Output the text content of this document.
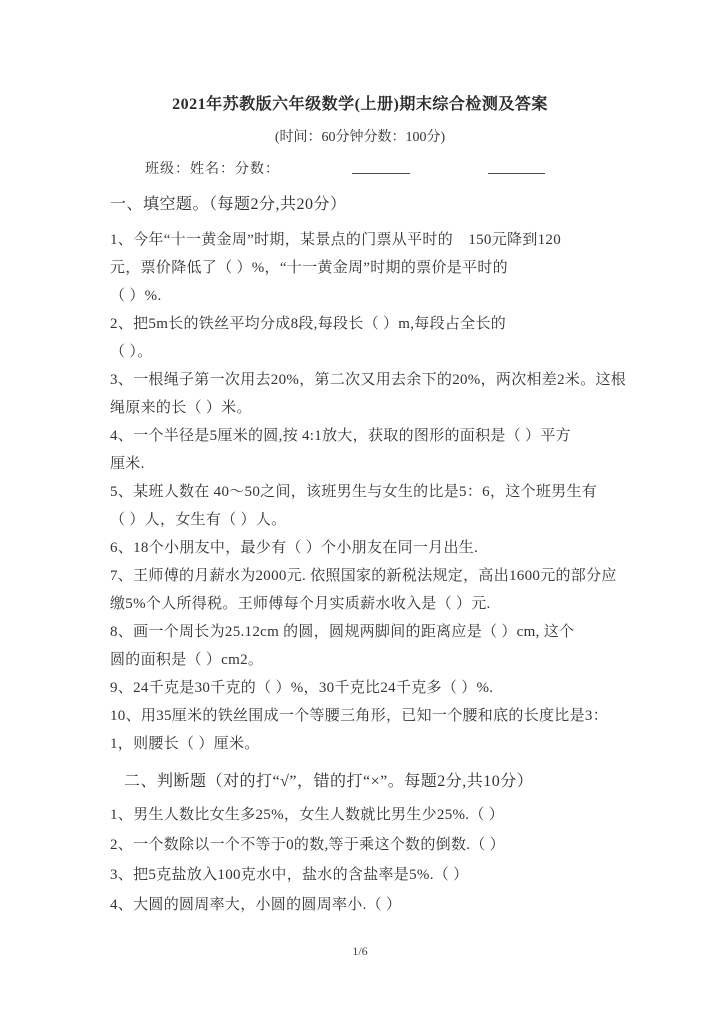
2021年苏教版六年级数学(上册)期末综合检测及答案
(时间：60分钟分数：100分)
班级：姓名：分数：
一、填空题。（每题2分,共20分）
1、今年“十一黄金周”时期，某景点的门票从平时的　150元降到120
元，票价降低了（ ）%，“十一黄金周”时期的票价是平时的
（ ）%.
2、把5m长的铁丝平均分成8段,每段长（ ）m,每段占全长的
（ ）。
3、一根绳子第一次用去20%，第二次又用去余下的20%，两次相差2米。这根
绳原来的长（ ）米。
4、一个半径是5厘米的圆,按 4:1放大，获取的图形的面积是（ ）平方
厘米.
5、某班人数在 40～50之间，该班男生与女生的比是5：6，这个班男生有
（ ）人，女生有（ ）人。
6、18个小朋友中，最少有（ ）个小朋友在同一月出生.
7、王师傅的月薪水为2000元. 依照国家的新税法规定，高出1600元的部分应
缴5%个人所得税。王师傅每个月实质薪水收入是（ ）元.
8、画一个周长为25.12cm 的圆，圆规两脚间的距离应是（ ）cm, 这个
圆的面积是（ ）cm2。
9、24千克是30千克的（ ）%，30千克比24千克多（ ）%.
10、用35厘米的铁丝围成一个等腰三角形，已知一个腰和底的长度比是3：
1，则腰长（ ）厘米。
二、判断题（对的打“√”，错的打“×”。每题2分,共10分）
1、男生人数比女生多25%，女生人数就比男生少25%.（ ）
2、一个数除以一个不等于0的数,等于乘这个数的倒数.（ ）
3、把5克盐放入100克水中，盐水的含盐率是5%.（ ）
4、大圆的圆周率大，小圆的圆周率小.（ ）
1/6
